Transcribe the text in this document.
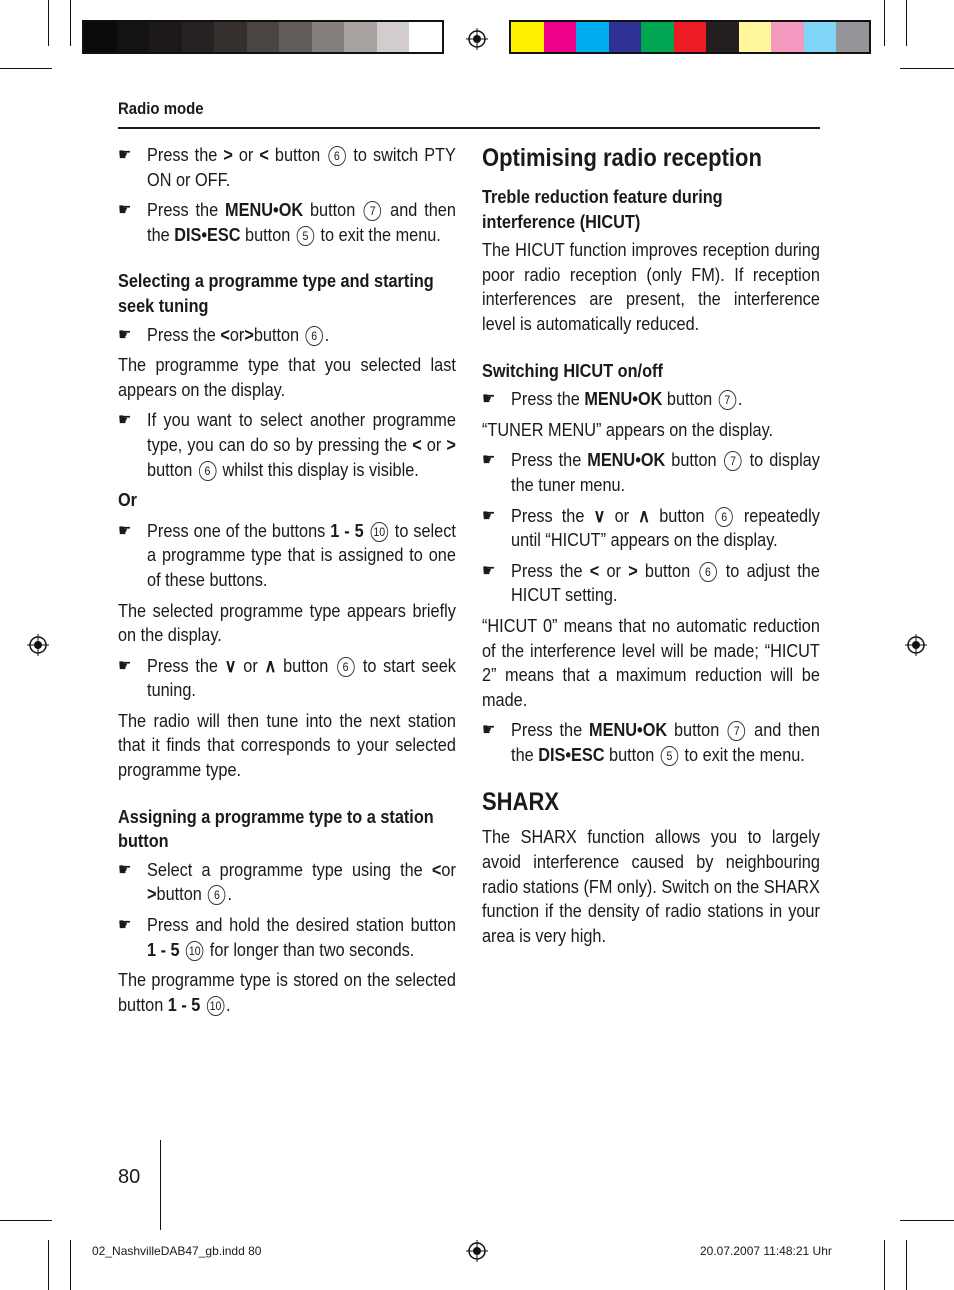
Radio mode
☛ Press the > or < button 6 to switch PTY ON or OFF.
☛ Press the MENU•OK button 7 and then the DIS•ESC button 5 to exit the menu.
Selecting a programme type and starting seek tuning
☛ Press the <or>button 6 .
The programme type that you selected last appears on the display.
☛ If you want to select another programme type, you can do so by pressing the < or > button 6 whilst this display is visible.
Or
☛ Press one of the buttons 1 - 5 10 to select a programme type that is assigned to one of these buttons.
The selected programme type appears briefly on the display.
☛ Press the ∨ or ∧ button 6 to start seek tuning.
The radio will then tune into the next station that it finds that corresponds to your selected programme type.
Assigning a programme type to a station button
☛ Select a programme type using the <or >button 6 .
☛ Press and hold the desired station button 1 - 5 10 for longer than two seconds.
The programme type is stored on the selected button 1 - 5 10 .
Optimising radio reception
Treble reduction feature during interference (HICUT)
The HICUT function improves reception during poor radio reception (only FM). If reception interferences are present, the interference level is automatically reduced.
Switching HICUT on/off
☛ Press the MENU•OK button 7 .
“TUNER MENU” appears on the display.
☛ Press the MENU•OK button 7 to display the tuner menu.
☛ Press the ∨ or ∧ button 6 repeatedly until “HICUT” appears on the display.
☛ Press the < or > button 6 to adjust the HICUT setting.
“HICUT 0” means that no automatic reduction of the interference level will be made; “HICUT 2” means that a maximum reduction will be made.
☛ Press the MENU•OK button 7 and then the DIS•ESC button 5 to exit the menu.
SHARX
The SHARX function allows you to largely avoid interference caused by neighbouring radio stations (FM only). Switch on the SHARX function if the density of radio stations in your area is very high.
80
02_NashvilleDAB47_gb.indd 80	20.07.2007 11:48:21 Uhr
